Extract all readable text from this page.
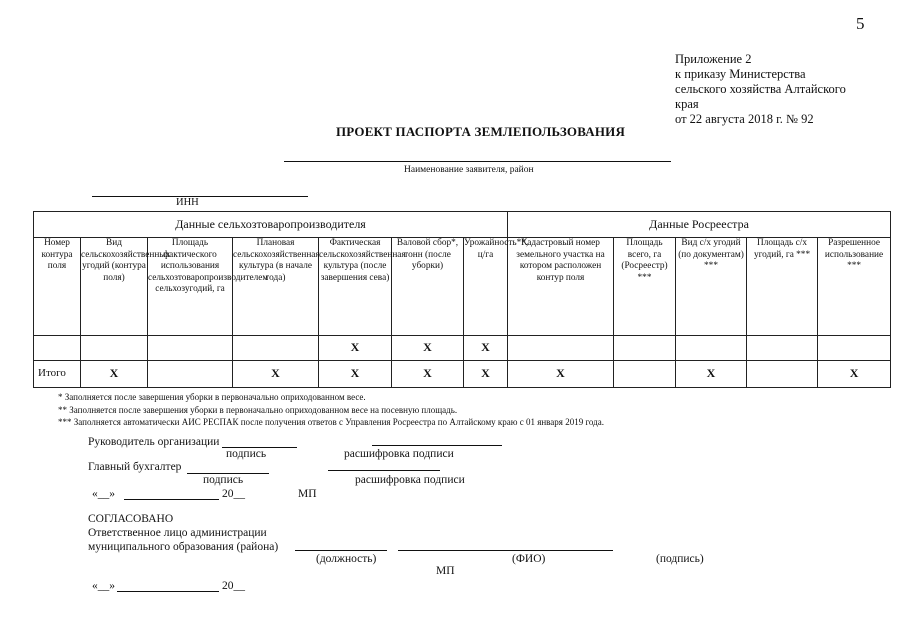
5
Приложение 2
к приказу Министерства
сельского хозяйства Алтайского
края
от 22 августа 2018 г. № 92
ПРОЕКТ ПАСПОРТА ЗЕМЛЕПОЛЬЗОВАНИЯ
Наименование заявителя, район
ИНН
Данные сельхозтоваропроизводителя							Данные Росреестра				
Номер контура поля	Вид сельскохозяйственных угодий (контура поля)	Площадь фактического использования сельхозтоваропроизводителем сельхозугодий, га	Плановая сельскохозяйственная культура (в начале года)	Фактическая сельскохозяйственная культура (после завершения сева)	Валовой сбор*, тонн (после уборки)	Урожайность**, ц/га	Кадастровый номер земельного участка на котором расположен контур поля	Площадь всего, га (Росреестр) ***	Вид с/х угодий (по документам) ***	Площадь с/х угодий, га ***	Разрешенное использование ***
				X	X	X					
Итого	X		X	X	X	X	X		X		X
* Заполняется после завершения уборки в первоначально оприходованном весе.
** Заполняется после завершения уборки в первоначально оприходованном весе на посевную площадь.
*** Заполняется автоматически АИС РЕСПАК после получения ответов с Управления Росреестра по Алтайскому краю с 01 января 2019 года.
Руководитель организации
подпись	расшифровка подписи
Главный бухгалтер
подпись	расшифровка подписи
«__»	20__	МП
СОГЛАСОВАНО
Ответственное лицо администрации
муниципального образования (района)
(должность)	(ФИО)	(подпись)
МП
«__»	20__
